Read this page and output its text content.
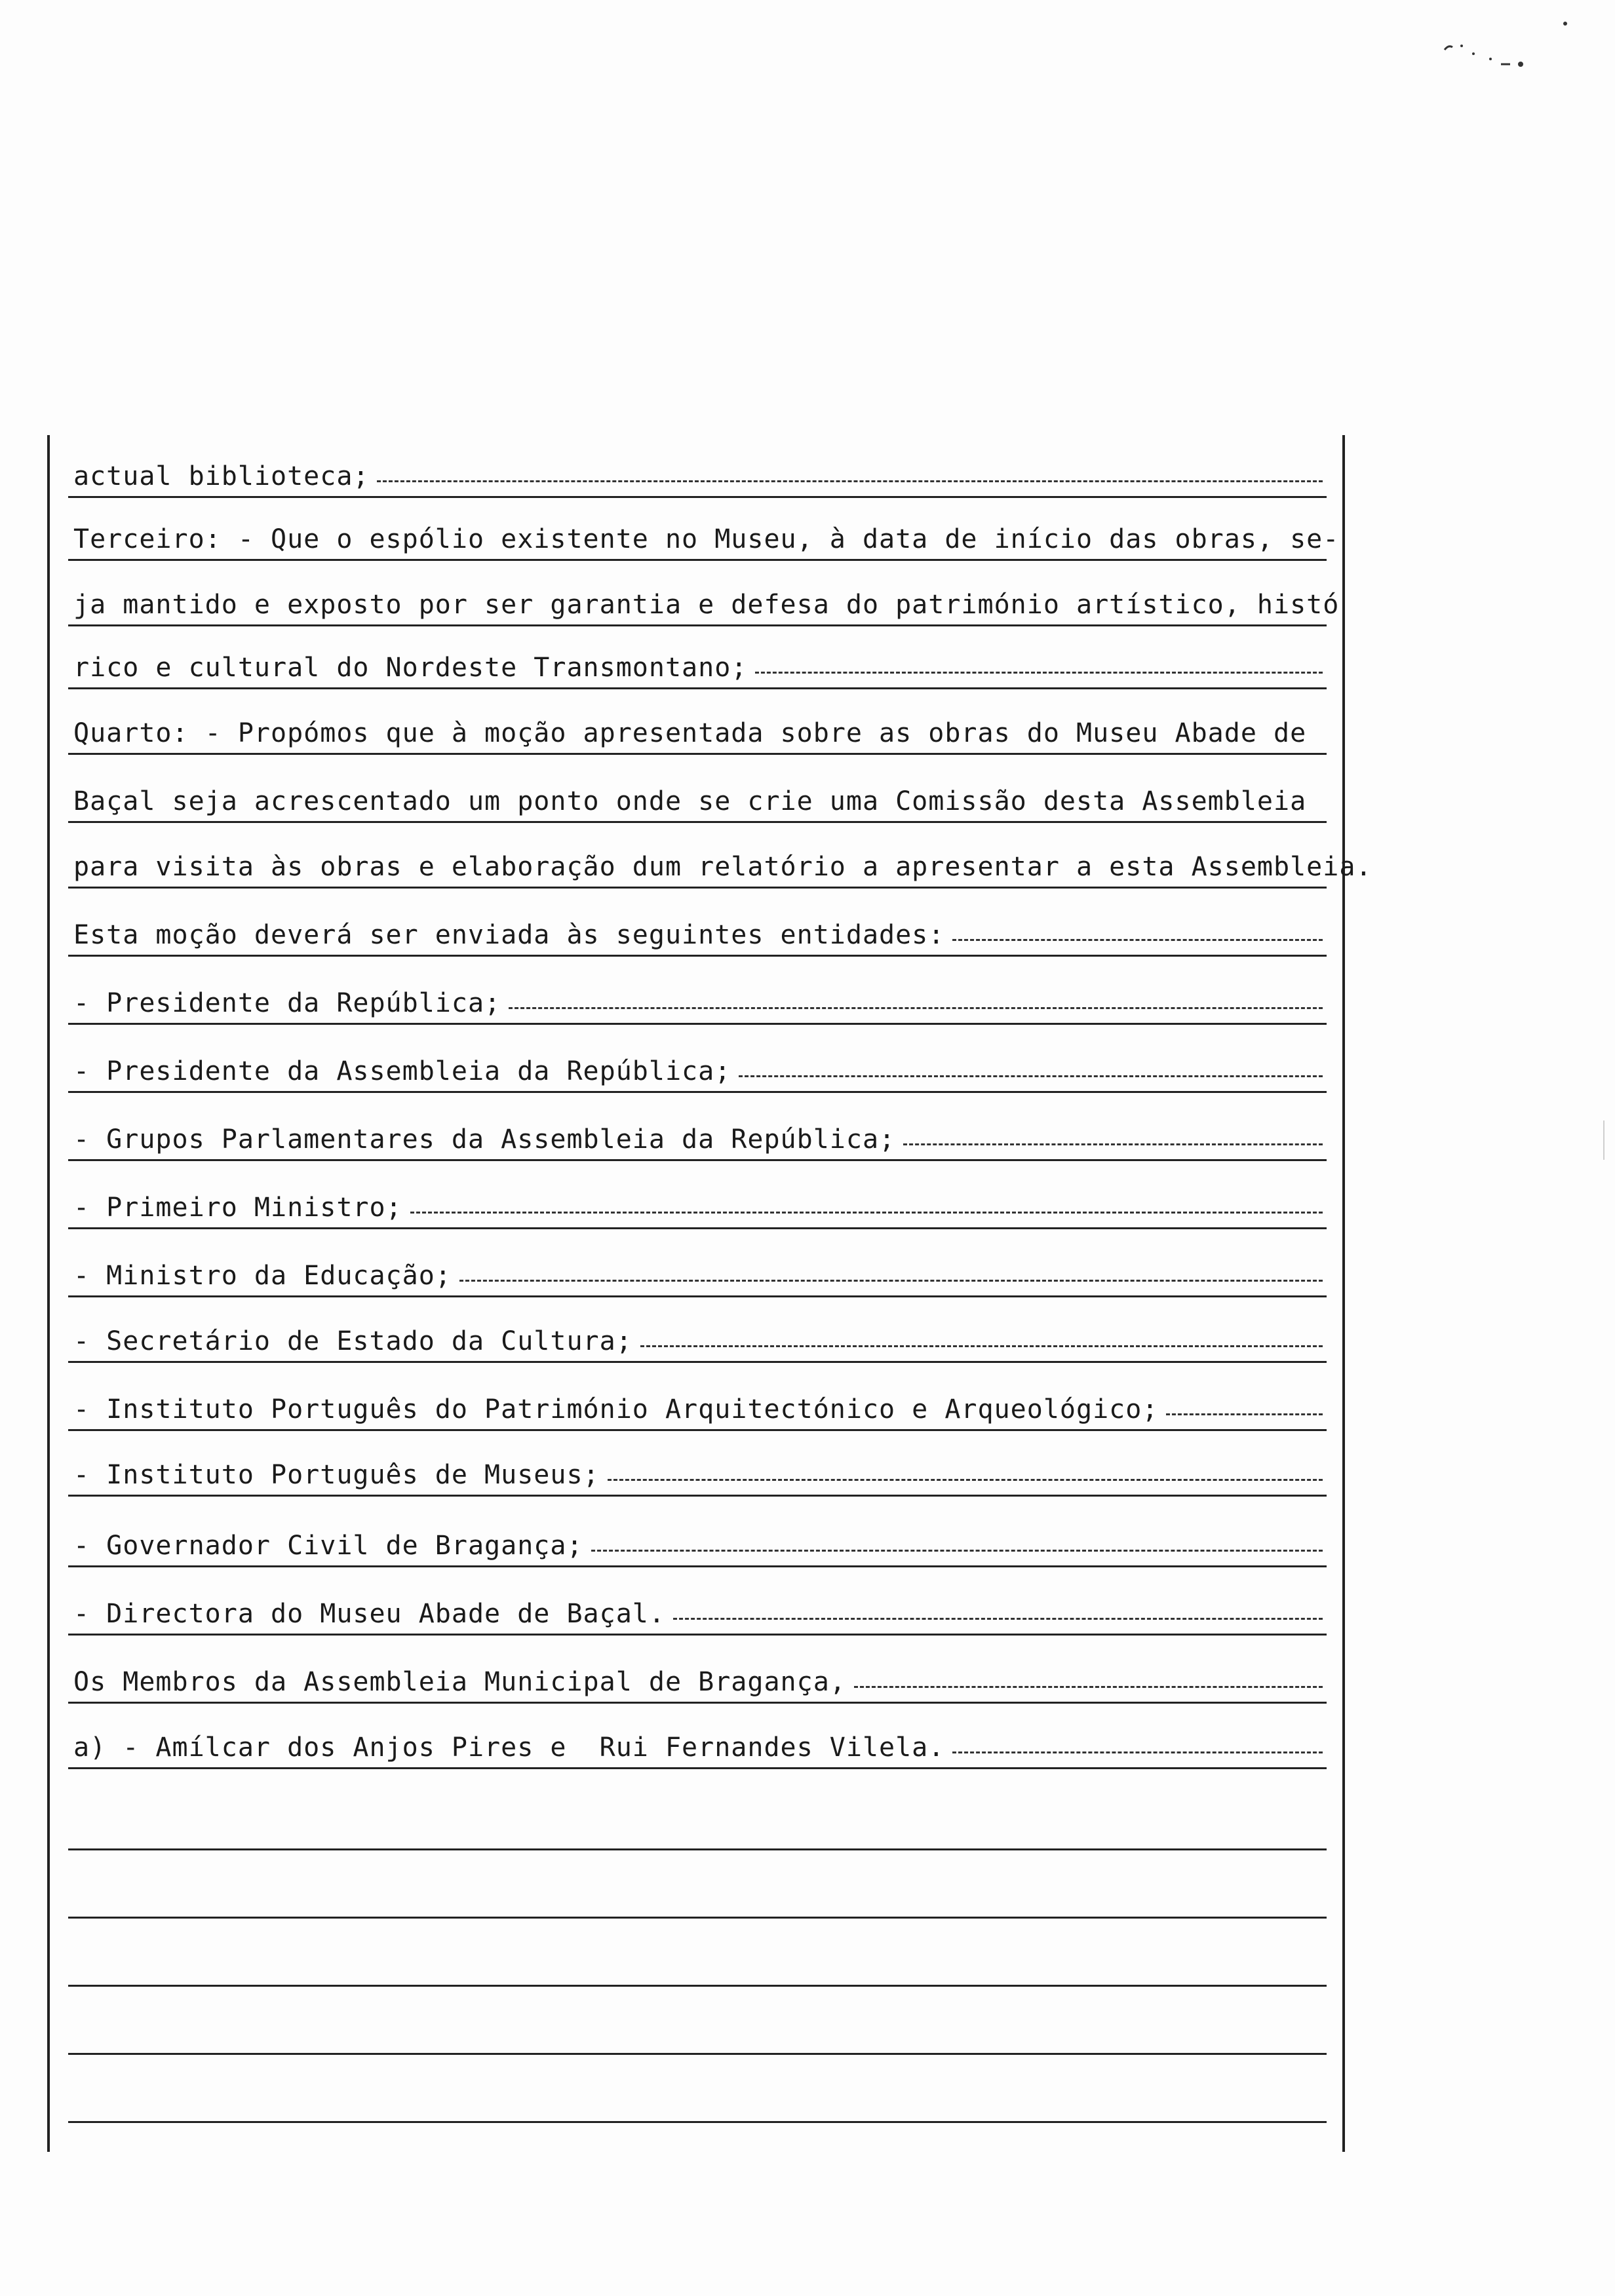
actual biblioteca;
Terceiro: - Que o espólio existente no Museu, à data de início das obras, se-
ja mantido e exposto por ser garantia e defesa do património artístico, histó
rico e cultural do Nordeste Transmontano;
Quarto: - Propómos que à moção apresentada sobre as obras do Museu Abade de
Baçal seja acrescentado um ponto onde se crie uma Comissão desta Assembleia
para visita às obras e elaboração dum relatório a apresentar a esta Assembleia.
Esta moção deverá ser enviada às seguintes entidades:
- Presidente da República;
- Presidente da Assembleia da República;
- Grupos Parlamentares da Assembleia da República;
- Primeiro Ministro;
- Ministro da Educação;
- Secretário de Estado da Cultura;
- Instituto Português do Património Arquitectónico e Arqueológico;
- Instituto Português de Museus;
- Governador Civil de Bragança;
- Directora do Museu Abade de Baçal.
Os Membros da Assembleia Municipal de Bragança,
a) - Amílcar dos Anjos Pires e  Rui Fernandes Vilela.
